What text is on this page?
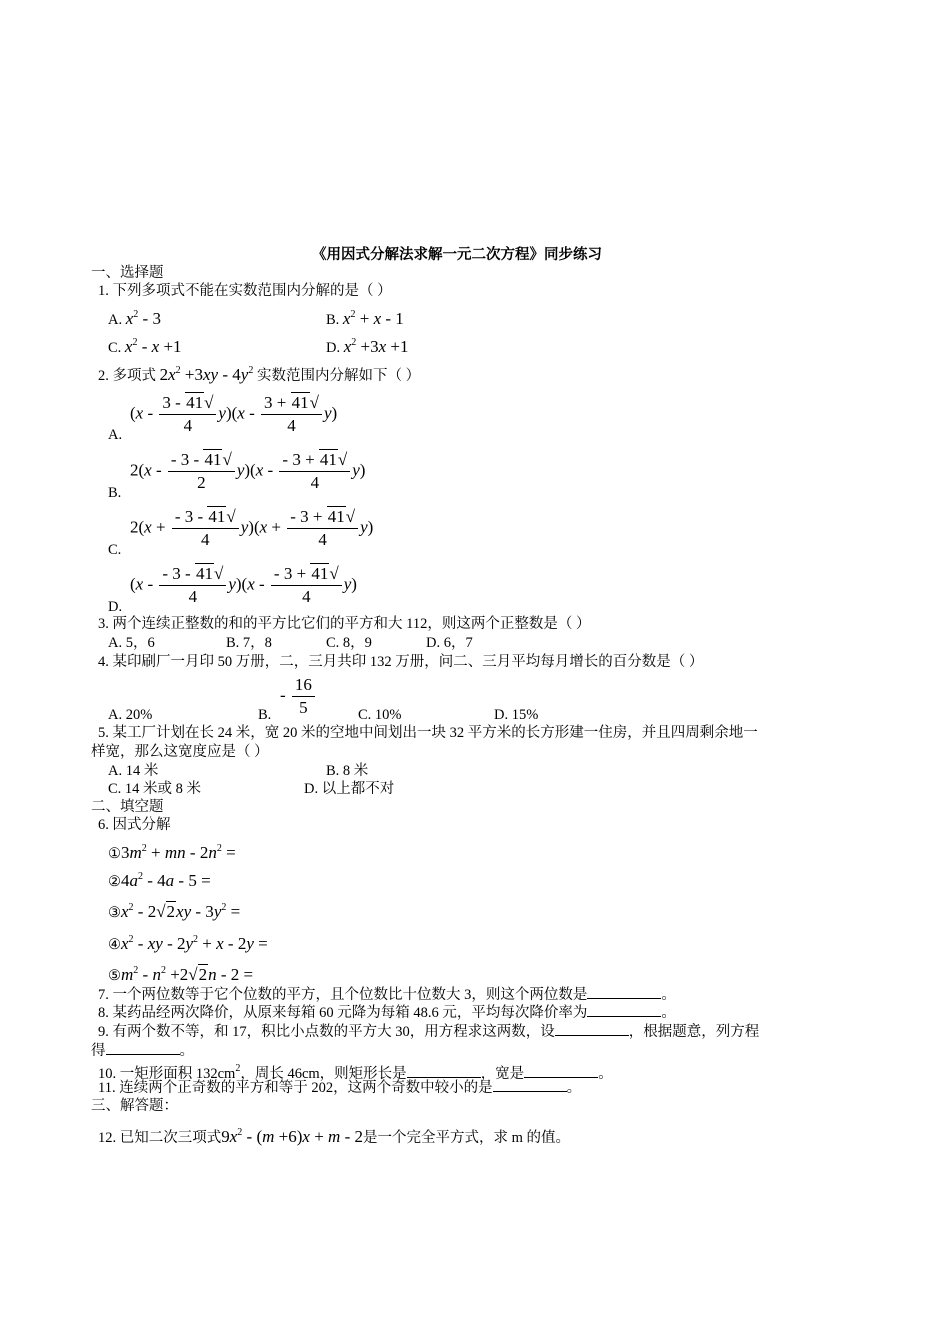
《用因式分解法求解一元二次方程》同步练习
一、选择题
1. 下列多项式不能在实数范围内分解的是（ ）
A. $x^2 - 3$	B. $x^2 + x - 1$
C. $x^2 - x +1$	D. $x^2 +3x +1$
2. 多项式 $2x^2 +3xy - 4y^2$ 实数范围内分解如下（ ）
A.
$(x - \frac{3 - 41√}{4} y)(x - \frac{3 + 41√}{4} y)$
B.
$2(x - \frac{- 3 - 41√}{2} y)(x - \frac{- 3 + 41√}{4} y)$
C.
$2(x + \frac{- 3 - 41√}{4} y)(x + \frac{- 3 + 41√}{4} y)$
D.
$(x - \frac{- 3 - 41√}{4} y)(x - \frac{- 3 + 41√}{4} y)$
3. 两个连续正整数的和的平方比它们的平方和大 112，则这两个正整数是（ ）
A. 5，6	B. 7，8	C. 8，9	D. 6，7
4. 某印刷厂一月印 50 万册，二，三月共印 132 万册，问二、三月平均每月增长的百分数是（ ）
A. 20%	B.
- $\frac{16}{5}$	C. 10%	D. 15%
5. 某工厂计划在长 24 米，宽 20 米的空地中间划出一块 32 平方米的长方形建一住房，并且四周剩余地一
样宽，那么这宽度应是（ ）
A. 14 米	B. 8 米
C. 14 米或 8 米	D. 以上都不对
二、填空题
6. 因式分解
$①3m^2$ + mn - $2n^2$ =
$②4a^2 - 4a - 5$ =
$③x^2 - 2√2xy - 3y^2$ =
$④x^2$ - xy - $2y^2 + x - 2y$ =
$⑤m^2 - n^2 +2√2n - 2$ =
7. 一个两位数等于它个位数的平方，且个位数比十位数大 3，则这个两位数是	。
8. 某药品经两次降价，从原来每箱 60 元降为每箱 48.6 元，平均每次降价率为	。
9. 有两个数不等，和 17，积比小点数的平方大 30，用方程求这两数，设	，根据题意，列方程
得	。
10. 一矩形面积 $132cm^2$，周长 46cm，则矩形长是	，宽是	。
11. 连续两个正奇数的平方和等于 202，这两个奇数中较小的是	。
三、解答题：
12. 已知二次三项式$9x^2 - (m +6)x + m - 2$是一个完全平方式，求 m 的值。
